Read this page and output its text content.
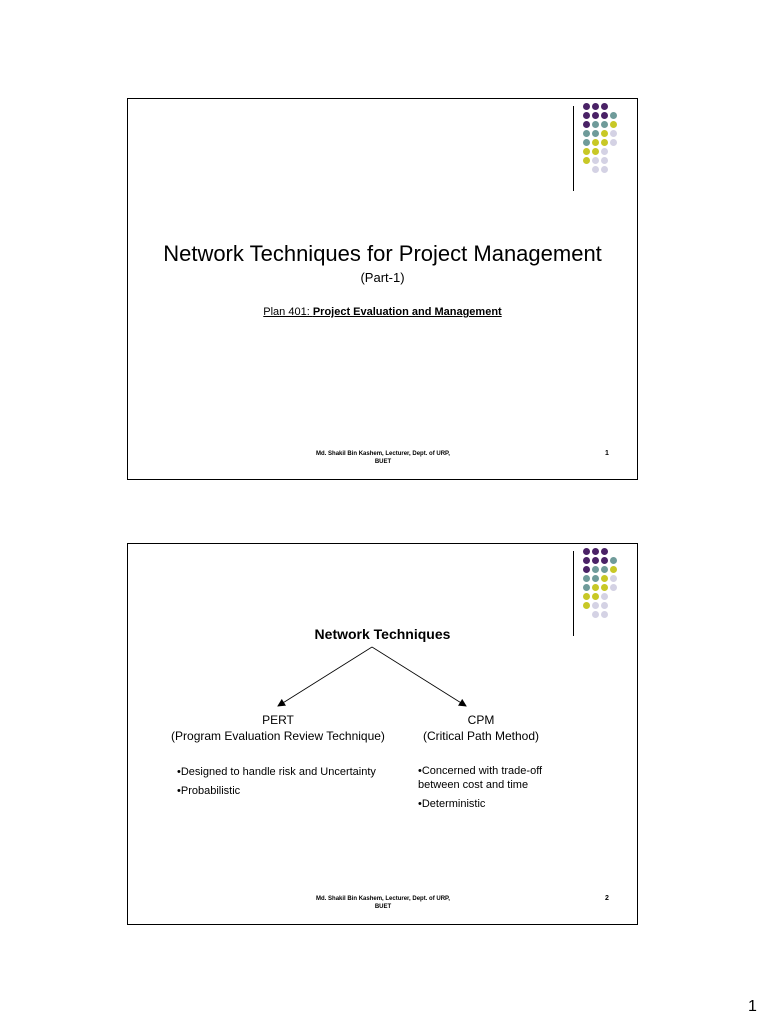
Network Techniques for Project Management
(Part-1)
Plan 401: Project Evaluation and Management
Md. Shakil Bin Kashem, Lecturer, Dept. of URP,
BUET
1
Network Techniques
PERT
(Program Evaluation Review Technique)
CPM
(Critical Path Method)

•Designed to handle risk and Uncertainty

•Probabilistic

•Concerned with trade-off between cost and time

•Deterministic

Md. Shakil Bin Kashem, Lecturer, Dept. of URP,
BUET
2
1
